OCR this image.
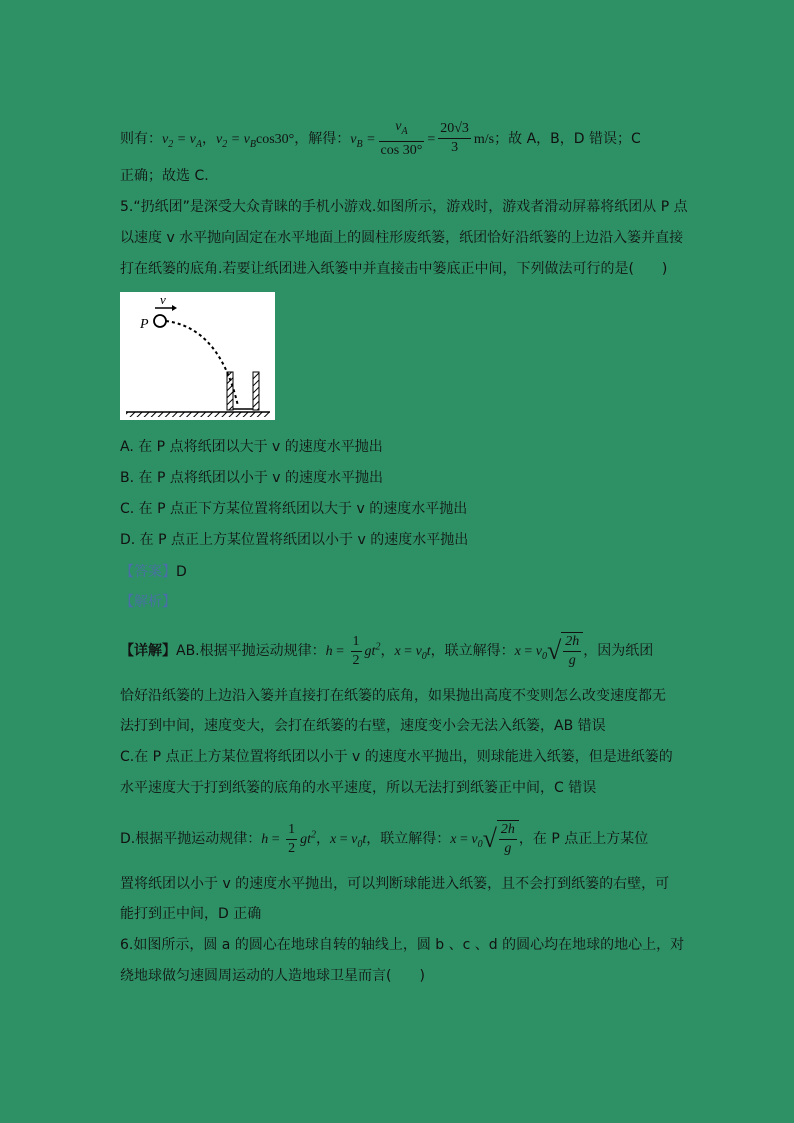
则有：$v_2 = v_A$，$v_2 = v_B\cos 30^\circ$，解得：$v_B = \frac{v_A}{\cos 30^\circ} = \frac{20√3}{3} m/s$；故 A，B，D 错误；C
正确；故选 C.
5.“扔纸团”是深受大众青睐的手机小游戏.如图所示，游戏时，游戏者滑动屏幕将纸团从 P 点
以速度 v 水平抛向固定在水平地面上的圆柱形废纸篓，纸团恰好沿纸篓的上边沿入篓并直接
打在纸篓的底角.若要让纸团进入纸篓中并直接击中篓底正中间，下列做法可行的是(　　)
v
P
A. 在 P 点将纸团以大于 v 的速度水平抛出
B. 在 P 点将纸团以小于 v 的速度水平抛出
C. 在 P 点正下方某位置将纸团以大于 v 的速度水平抛出
D. 在 P 点正上方某位置将纸团以小于 v 的速度水平抛出
【答案】D
【解析】
【详解】AB.根据平抛运动规律：$h = \frac{1}{2} gt^2$，$x = v_0t$，联立解得：$x = v_0√ \frac{2h}{g}$ ，因为纸团
恰好沿纸篓的上边沿入篓并直接打在纸篓的底角，如果抛出高度不变则怎么改变速度都无
法打到中间，速度变大，会打在纸篓的右壁，速度变小会无法入纸篓，AB 错误
C.在 P 点正上方某位置将纸团以小于 v 的速度水平抛出，则球能进入纸篓，但是进纸篓的
水平速度大于打到纸篓的底角的水平速度，所以无法打到纸篓正中间，C 错误
D.根据平抛运动规律：$h = \frac{1}{2} gt^2$，$x = v_0t$，联立解得：$x = v_0√ \frac{2h}{g}$ ，在 P 点正上方某位
置将纸团以小于 v 的速度水平抛出，可以判断球能进入纸篓，且不会打到纸篓的右壁，可
能打到正中间，D 正确
6.如图所示，圆 a 的圆心在地球自转的轴线上，圆 b 、c 、d 的圆心均在地球的地心上，对
绕地球做匀速圆周运动的人造地球卫星而言(　　)
